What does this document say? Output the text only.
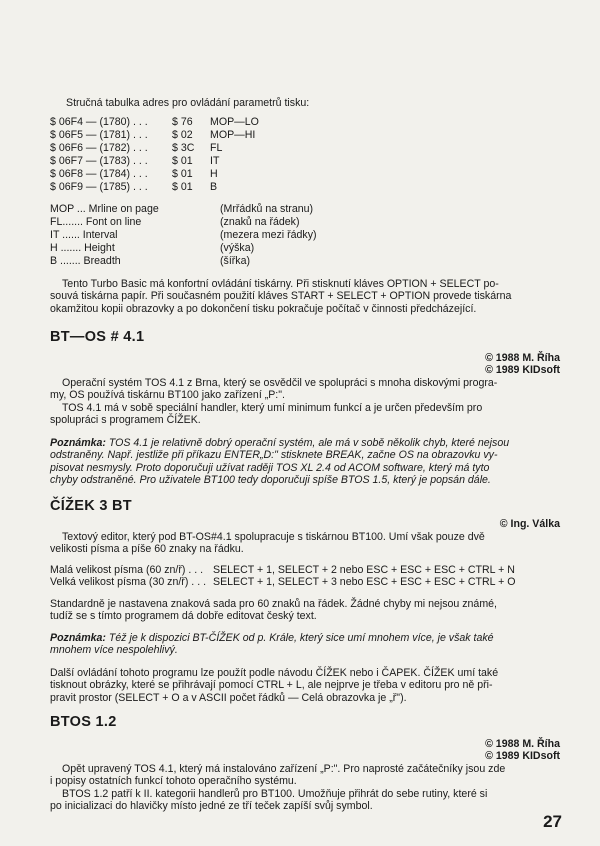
Stručná tabulka adres pro ovládání parametrů tisku:

$ 06F4 — (1780) . . . $ 76 MOP—LO
$ 06F5 — (1781) . . . $ 02 MOP—HI
$ 06F6 — (1782) . . . $ 3C FL
$ 06F7 — (1783) . . . $ 01 IT
$ 06F8 — (1784) . . . $ 01 H
$ 06F9 — (1785) . . . $ 01 B
MOP ... Mrline on page	(Mrřádků na stranu)
FL....... Font on line	(znaků na řádek)
IT ...... Interval	(mezera mezi řádky)
H ....... Height	(výška)
B ....... Breadth	(šířka)

Tento Turbo Basic má konfortní ovládání tiskárny. Při stisknutí kláves OPTION + SELECT po-

souvá tiskárna papír. Při současném použití kláves START + SELECT + OPTION provede tiskárna

okamžitou kopii obrazovky a po dokončení tisku pokračuje počítač v činnosti předcházející.

BT—OS # 4.1
© 1988 M. Říha
© 1989 KIDsoft

Operační systém TOS 4.1 z Brna, který se osvědčil ve spolupráci s mnoha diskovými progra-

my, OS používá tiskárnu BT100 jako zařízení „P:".

TOS 4.1 má v sobě speciální handler, který umí minimum funkcí a je určen především pro

spolupráci s programem ČÍŽEK.

Poznámka: TOS 4.1 je relativně dobrý operační systém, ale má v sobě několik chyb, které nejsou

odstraněny. Např. jestliže při příkazu ENTER„D:" stisknete BREAK, začne OS na obrazovku vy-

pisovat nesmysly. Proto doporučuji užívat raději TOS XL 2.4 od ACOM software, který má tyto

chyby odstraněné. Pro uživatele BT100 tedy doporučuji spíše BTOS 1.5, který je popsán dále.

ČÍŽEK 3 BT
© Ing. Válka

Textový editor, který pod BT-OS#4.1 spolupracuje s tiskárnou BT100. Umí však pouze dvě

velikosti písma a píše 60 znaky na řádku.

Malá velikost písma (60 zn/ř) . . . SELECT + 1, SELECT + 2 nebo ESC + ESC + ESC + CTRL + N
Velká velikost písma (30 zn/ř) . . . SELECT + 1, SELECT + 3 nebo ESC + ESC + ESC + CTRL + O

Standardně je nastavena znaková sada pro 60 znaků na řádek. Žádné chyby mi nejsou známé,

tudíž se s tímto programem dá dobře editovat český text.

Poznámka: Též je k dispozici BT-ČÍŽEK od p. Krále, který sice umí mnohem více, je však také

mnohem více nespolehlivý.

Další ovládání tohoto programu lze použít podle návodu ČÍŽEK nebo i ČAPEK. ČÍŽEK umí také

tisknout obrázky, které se přihrávají pomocí CTRL + L, ale nejprve je třeba v editoru pro ně při-

pravit prostor (SELECT + O a v ASCII počet řádků — Celá obrazovka je „ř").

BTOS 1.2
© 1988 M. Říha
© 1989 KIDsoft

Opět upravený TOS 4.1, který má instalováno zařízení „P:". Pro naprosté začátečníky jsou zde

i popisy ostatních funkcí tohoto operačního systému.

BTOS 1.2 patří k II. kategorii handlerů pro BT100. Umožňuje přihrát do sebe rutiny, které si

po inicializaci do hlavičky místo jedné ze tří teček zapíší svůj symbol.

27
